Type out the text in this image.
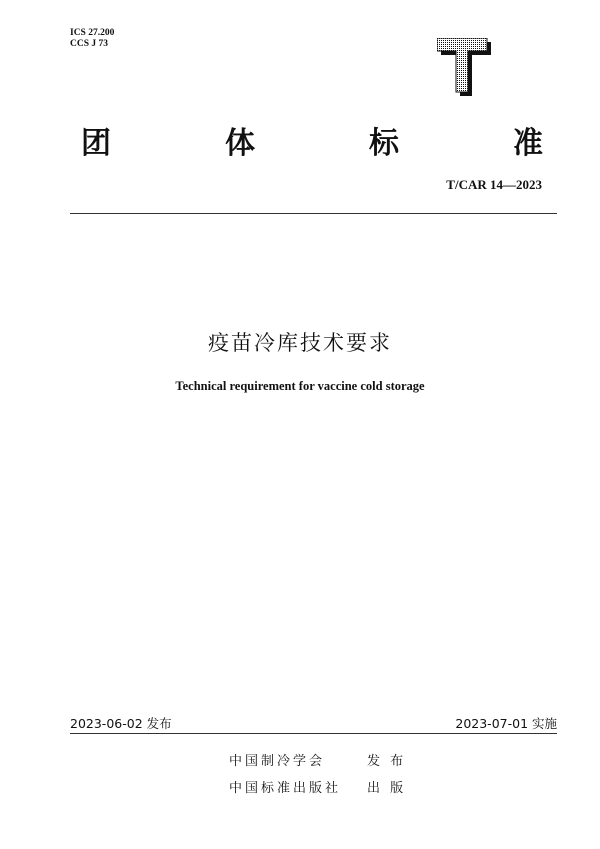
ICS 27.200
CCS J 73
团	体	标	准
T/CAR 14—2023
疫苗冷库技术要求
Technical requirement for vaccine cold storage
2023-06-02 发布	2023-07-01 实施
中国制冷学会	发 布
中国标准出版社 出 版
